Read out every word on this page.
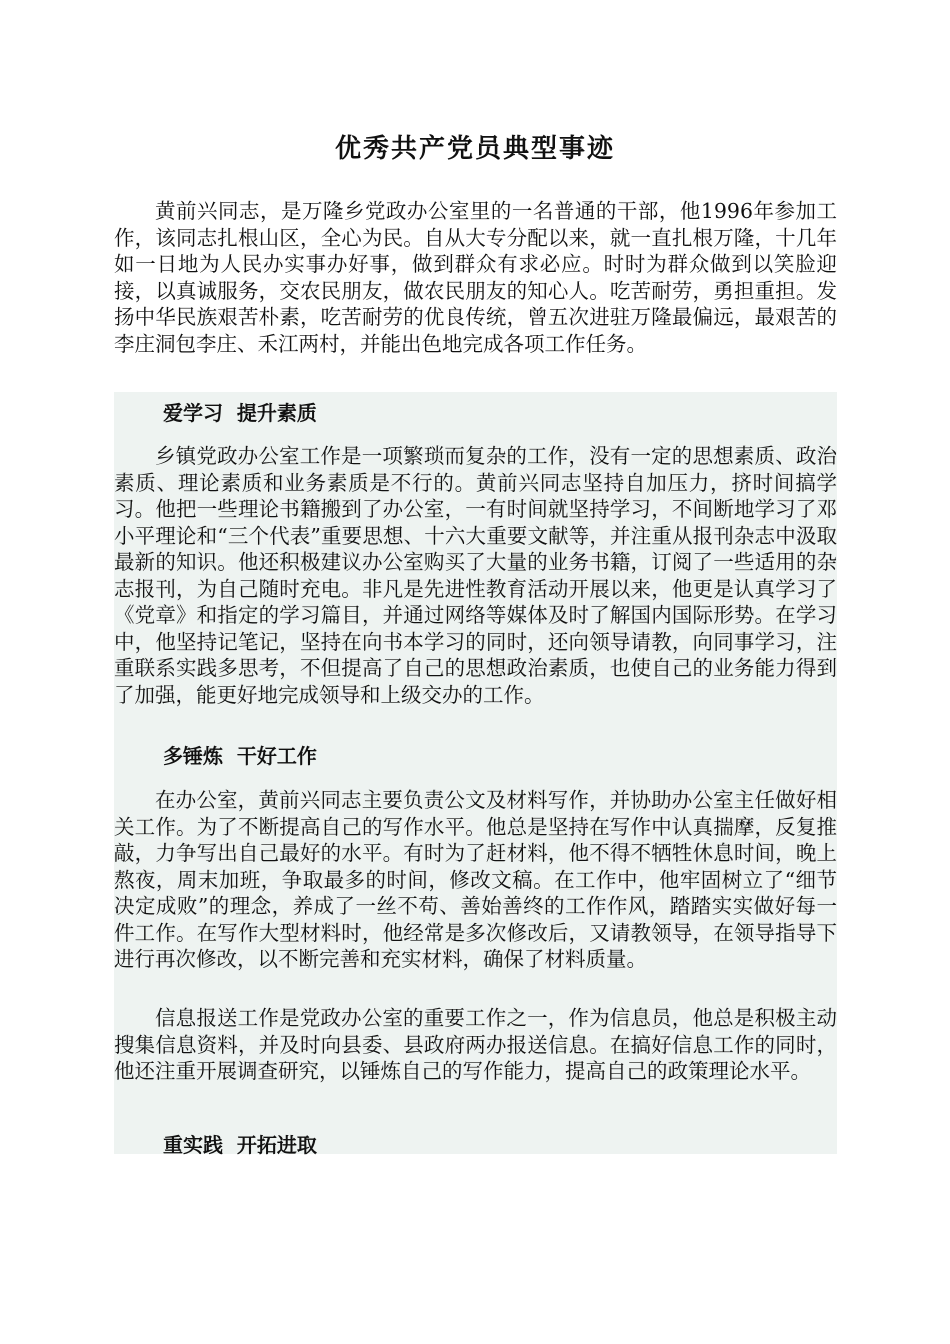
优秀共产党员典型事迹

黄前兴同志，是万隆乡党政办公室里的一名普通的干部，他1996年参加工作，该同志扎根山区，全心为民。自从大专分配以来，就一直扎根万隆，十几年如一日地为人民办实事办好事，做到群众有求必应。时时为群众做到以笑脸迎接，以真诚服务，交农民朋友，做农民朋友的知心人。吃苦耐劳，勇担重担。发扬中华民族艰苦朴素，吃苦耐劳的优良传统，曾五次进驻万隆最偏远，最艰苦的李庄洞包李庄、禾江两村，并能出色地完成各项工作任务。

爱学习  提升素质

乡镇党政办公室工作是一项繁琐而复杂的工作，没有一定的思想素质、政治素质、理论素质和业务素质是不行的。黄前兴同志坚持自加压力，挤时间搞学习。他把一些理论书籍搬到了办公室，一有时间就坚持学习，不间断地学习了邓小平理论和“三个代表”重要思想、十六大重要文献等，并注重从报刊杂志中汲取最新的知识。他还积极建议办公室购买了大量的业务书籍，订阅了一些适用的杂志报刊，为自己随时充电。非凡是先进性教育活动开展以来，他更是认真学习了《党章》和指定的学习篇目，并通过网络等媒体及时了解国内国际形势。在学习中，他坚持记笔记，坚持在向书本学习的同时，还向领导请教，向同事学习，注重联系实践多思考，不但提高了自己的思想政治素质，也使自己的业务能力得到了加强，能更好地完成领导和上级交办的工作。

多锤炼  干好工作

在办公室，黄前兴同志主要负责公文及材料写作，并协助办公室主任做好相关工作。为了不断提高自己的写作水平。他总是坚持在写作中认真揣摩，反复推敲，力争写出自己最好的水平。有时为了赶材料，他不得不牺牲休息时间，晚上熬夜，周末加班，争取最多的时间，修改文稿。在工作中，他牢固树立了“细节决定成败”的理念，养成了一丝不苟、善始善终的工作作风，踏踏实实做好每一件工作。在写作大型材料时，他经常是多次修改后，又请教领导，在领导指导下进行再次修改，以不断完善和充实材料，确保了材料质量。

信息报送工作是党政办公室的重要工作之一，作为信息员，他总是积极主动搜集信息资料，并及时向县委、县政府两办报送信息。在搞好信息工作的同时，他还注重开展调查研究，以锤炼自己的写作能力，提高自己的政策理论水平。

重实践  开拓进取
